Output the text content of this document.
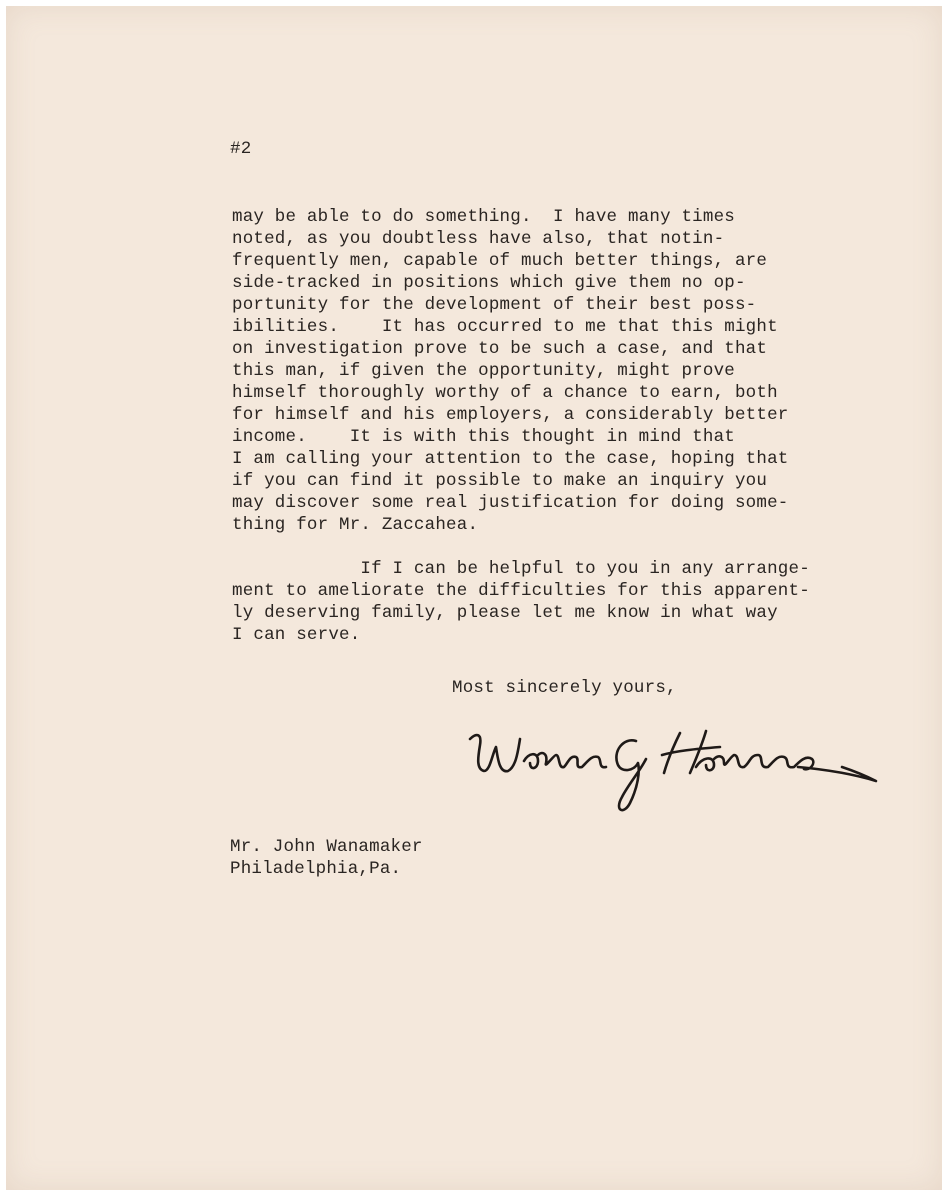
#2
may be able to do something.  I have many times
noted, as you doubtless have also, that notin-
frequently men, capable of much better things, are
side-tracked in positions which give them no op-
portunity for the development of their best poss-
ibilities.    It has occurred to me that this might
on investigation prove to be such a case, and that
this man, if given the opportunity, might prove
himself thoroughly worthy of a chance to earn, both
for himself and his employers, a considerably better
income.    It is with this thought in mind that
I am calling your attention to the case, hoping that
if you can find it possible to make an inquiry you
may discover some real justification for doing some-
thing for Mr. Zaccahea.
If I can be helpful to you in any arrange-
ment to ameliorate the difficulties for this apparent-
ly deserving family, please let me know in what way
I can serve.
Most sincerely yours,
Mr. John Wanamaker
Philadelphia,Pa.
